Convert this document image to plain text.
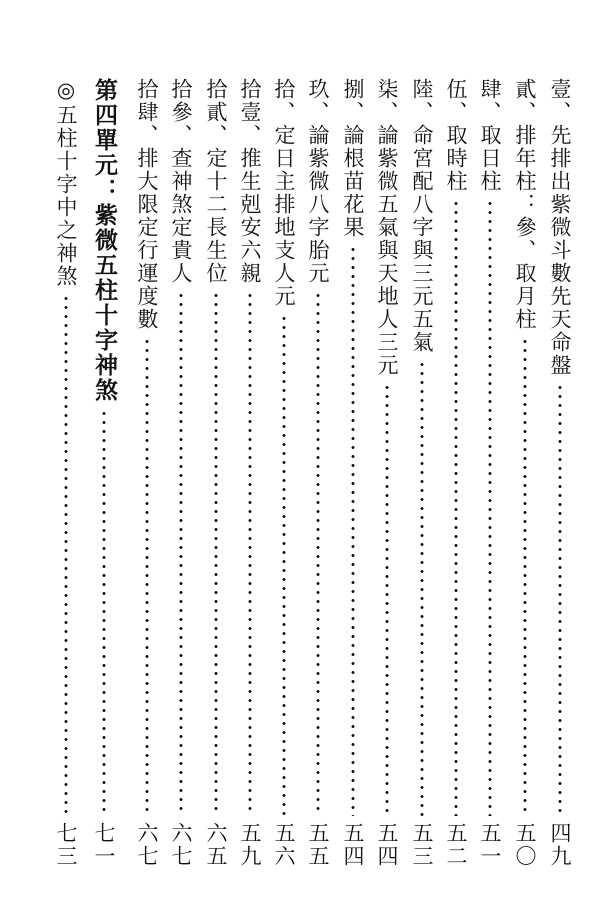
壹、先排出紫微斗數先天命盤
四九
貳、排年柱：參、取月柱
五〇
肆、取日柱
五一
伍、取時柱
五二
陸、命宮配八字與三元五氣
五三
柒、論紫微五氣與天地人三元
五四
捌、論根苗花果
五四
玖、論紫微八字胎元
五五
拾、定日主排地支人元
五六
拾壹、推生剋安六親
五九
拾貳、定十二長生位
六五
拾參、查神煞定貴人
六七
拾肆、排大限定行運度數
六七
第四單元：紫微五柱十字神煞
七一
◎五柱十字中之神煞
七三
